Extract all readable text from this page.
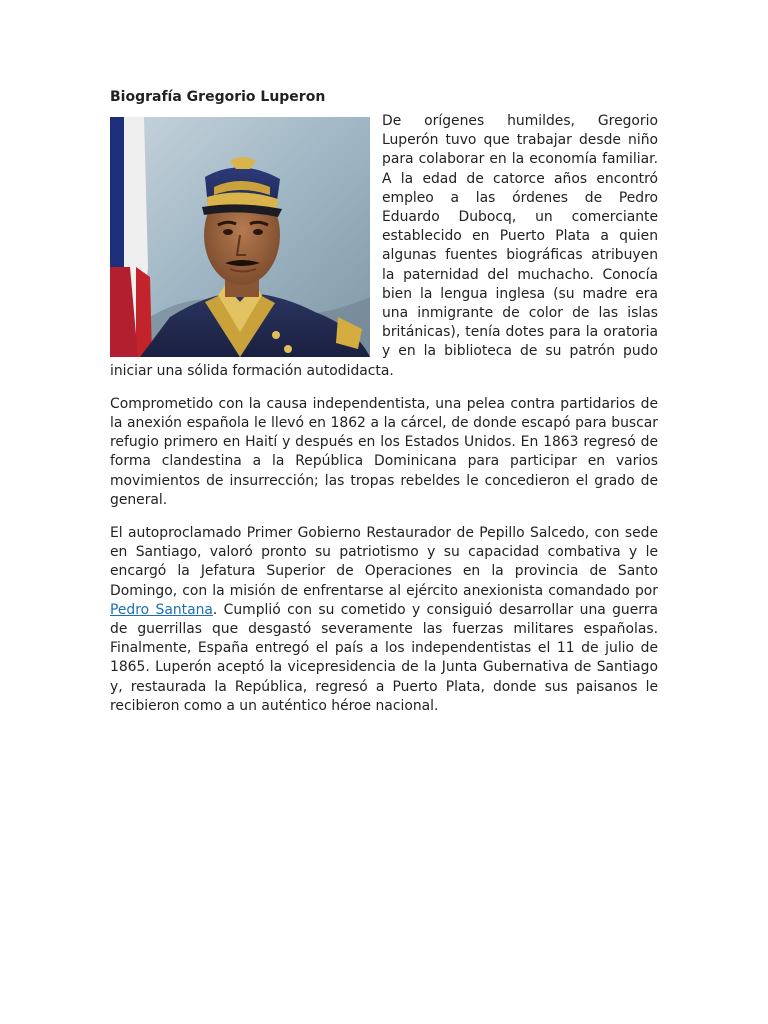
Biografía Gregorio Luperon

De orígenes humildes, Gregorio Luperón tuvo que trabajar desde niño para colaborar en la economía familiar. A la edad de catorce años encontró empleo a las órdenes de Pedro Eduardo Dubocq, un comerciante establecido en Puerto Plata a quien algunas fuentes biográficas atribuyen la paternidad del muchacho. Conocía bien la lengua inglesa (su madre era una inmigrante de color de las islas británicas), tenía dotes para la oratoria y en la biblioteca de su patrón pudo iniciar una sólida formación autodidacta.

Comprometido con la causa independentista, una pelea contra partidarios de la anexión española le llevó en 1862 a la cárcel, de donde escapó para buscar refugio primero en Haití y después en los Estados Unidos. En 1863 regresó de forma clandestina a la República Dominicana para participar en varios movimientos de insurrección; las tropas rebeldes le concedieron el grado de general.

El autoproclamado Primer Gobierno Restaurador de Pepillo Salcedo, con sede en Santiago, valoró pronto su patriotismo y su capacidad combativa y le encargó la Jefatura Superior de Operaciones en la provincia de Santo Domingo, con la misión de enfrentarse al ejército anexionista comandado por Pedro Santana. Cumplió con su cometido y consiguió desarrollar una guerra de guerrillas que desgastó severamente las fuerzas militares españolas. Finalmente, España entregó el país a los independentistas el 11 de julio de 1865. Luperón aceptó la vicepresidencia de la Junta Gubernativa de Santiago y, restaurada la República, regresó a Puerto Plata, donde sus paisanos le recibieron como a un auténtico héroe nacional.
